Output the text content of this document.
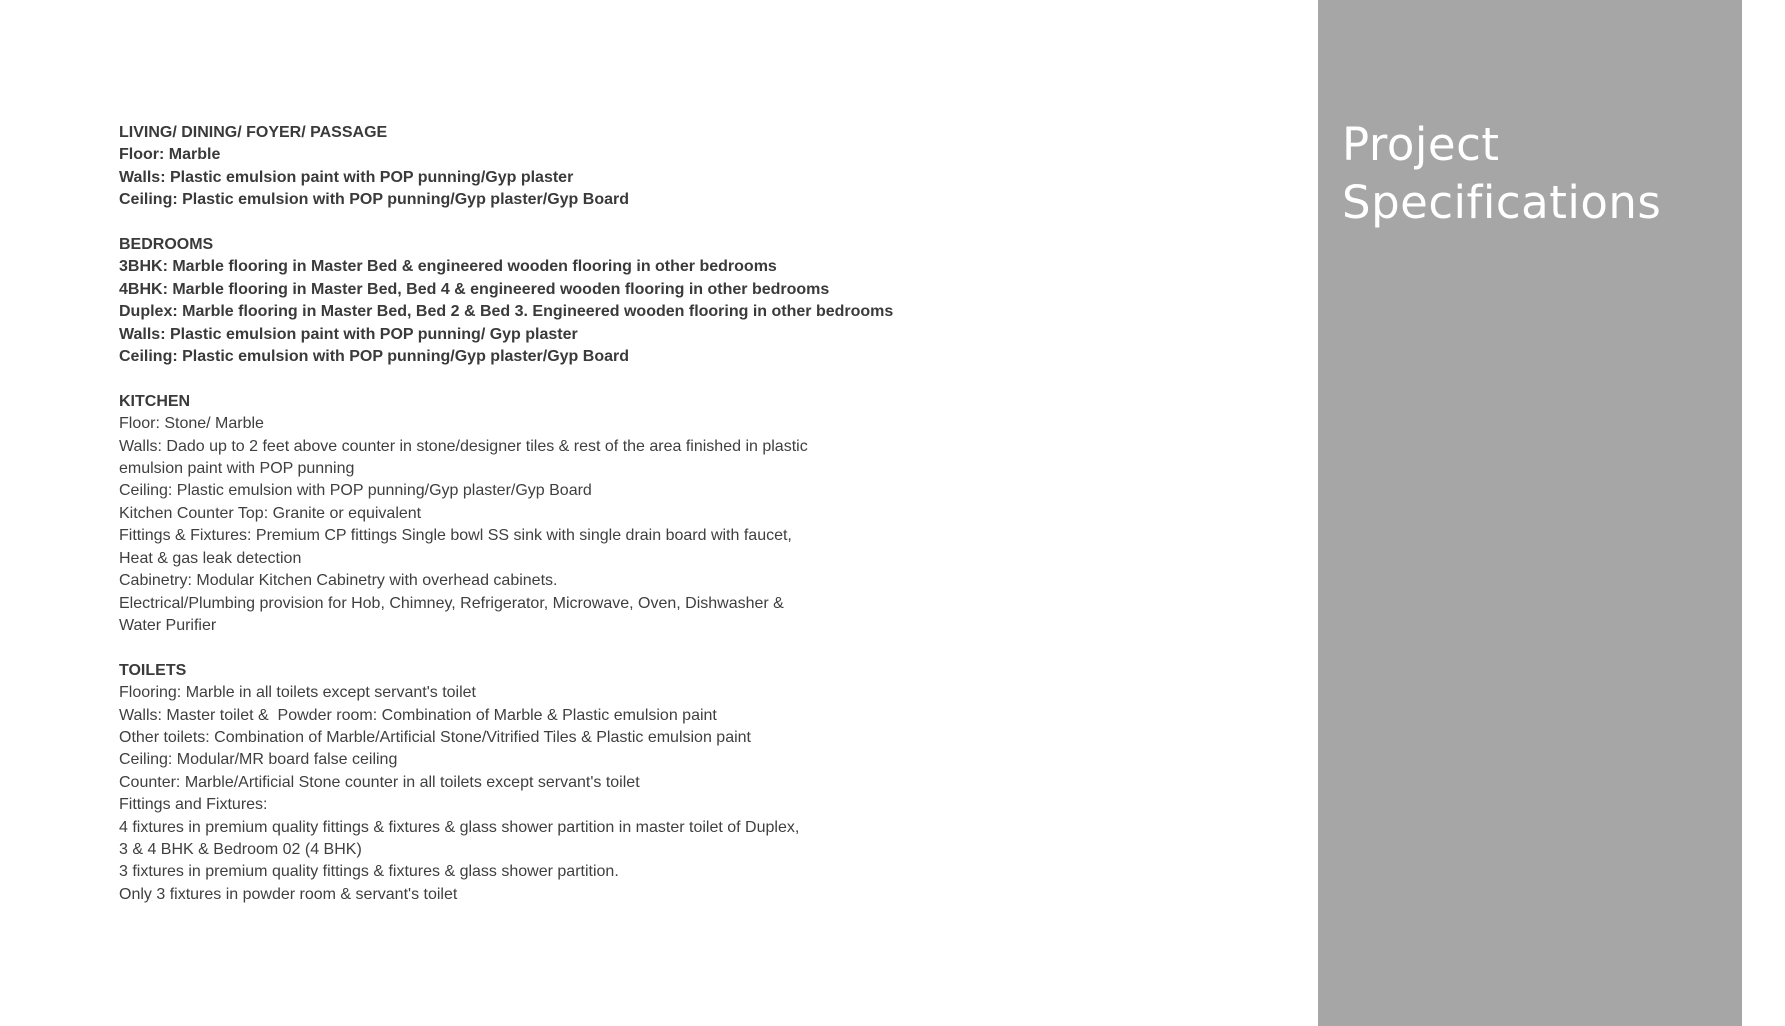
LIVING/ DINING/ FOYER/ PASSAGE
Floor: Marble
Walls: Plastic emulsion paint with POP punning/Gyp plaster
Ceiling: Plastic emulsion with POP punning/Gyp plaster/Gyp Board
BEDROOMS
3BHK: Marble flooring in Master Bed & engineered wooden flooring in other bedrooms
4BHK: Marble flooring in Master Bed, Bed 4 & engineered wooden flooring in other bedrooms
Duplex: Marble flooring in Master Bed, Bed 2 & Bed 3. Engineered wooden flooring in other bedrooms
Walls: Plastic emulsion paint with POP punning/ Gyp plaster
Ceiling: Plastic emulsion with POP punning/Gyp plaster/Gyp Board
KITCHEN
Floor: Stone/ Marble
Walls: Dado up to 2 feet above counter in stone/designer tiles & rest of the area finished in plastic
emulsion paint with POP punning
Ceiling: Plastic emulsion with POP punning/Gyp plaster/Gyp Board
Kitchen Counter Top: Granite or equivalent
Fittings & Fixtures: Premium CP fittings Single bowl SS sink with single drain board with faucet,
Heat & gas leak detection
Cabinetry: Modular Kitchen Cabinetry with overhead cabinets.
Electrical/Plumbing provision for Hob, Chimney, Refrigerator, Microwave, Oven, Dishwasher &
Water Purifier
TOILETS
Flooring: Marble in all toilets except servant's toilet
Walls: Master toilet &  Powder room: Combination of Marble & Plastic emulsion paint
Other toilets: Combination of Marble/Artificial Stone/Vitrified Tiles & Plastic emulsion paint
Ceiling: Modular/MR board false ceiling
Counter: Marble/Artificial Stone counter in all toilets except servant's toilet
Fittings and Fixtures:
4 fixtures in premium quality fittings & fixtures & glass shower partition in master toilet of Duplex,
3 & 4 BHK & Bedroom 02 (4 BHK)
3 fixtures in premium quality fittings & fixtures & glass shower partition.
Only 3 fixtures in powder room & servant's toilet
Project
Specifications
